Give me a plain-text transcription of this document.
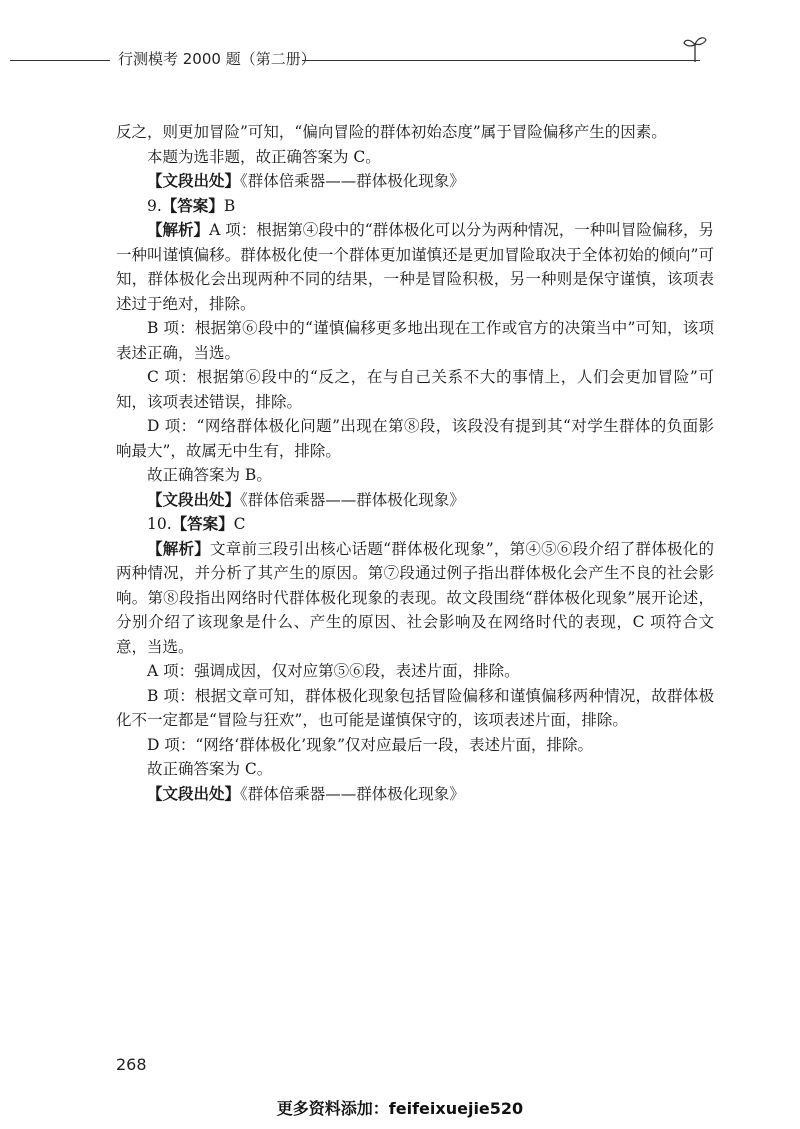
行测模考 2000 题（第二册）

反之，则更加冒险”可知，“偏向冒险的群体初始态度”属于冒险偏移产生的因素。

本题为选非题，故正确答案为 C。

【文段出处】《群体倍乘器——群体极化现象》

9.【答案】B

【解析】A 项：根据第④段中的“群体极化可以分为两种情况，一种叫冒险偏移，另一种叫谨慎偏移。群体极化使一个群体更加谨慎还是更加冒险取决于全体初始的倾向”可知，群体极化会出现两种不同的结果，一种是冒险积极，另一种则是保守谨慎，该项表述过于绝对，排除。

B 项：根据第⑥段中的“谨慎偏移更多地出现在工作或官方的决策当中”可知，该项表述正确，当选。

C 项：根据第⑥段中的“反之，在与自己关系不大的事情上，人们会更加冒险”可知，该项表述错误，排除。

D 项：“网络群体极化问题”出现在第⑧段，该段没有提到其“对学生群体的负面影响最大”，故属无中生有，排除。

故正确答案为 B。

【文段出处】《群体倍乘器——群体极化现象》

10.【答案】C

【解析】文章前三段引出核心话题“群体极化现象”，第④⑤⑥段介绍了群体极化的两种情况，并分析了其产生的原因。第⑦段通过例子指出群体极化会产生不良的社会影响。第⑧段指出网络时代群体极化现象的表现。故文段围绕“群体极化现象”展开论述，分别介绍了该现象是什么、产生的原因、社会影响及在网络时代的表现，C 项符合文意，当选。

A 项：强调成因，仅对应第⑤⑥段，表述片面，排除。

B 项：根据文章可知，群体极化现象包括冒险偏移和谨慎偏移两种情况，故群体极化不一定都是“冒险与狂欢”，也可能是谨慎保守的，该项表述片面，排除。

D 项：“网络‘群体极化’现象”仅对应最后一段，表述片面，排除。

故正确答案为 C。

【文段出处】《群体倍乘器——群体极化现象》

268
更多资料添加：feifeixuejie520
